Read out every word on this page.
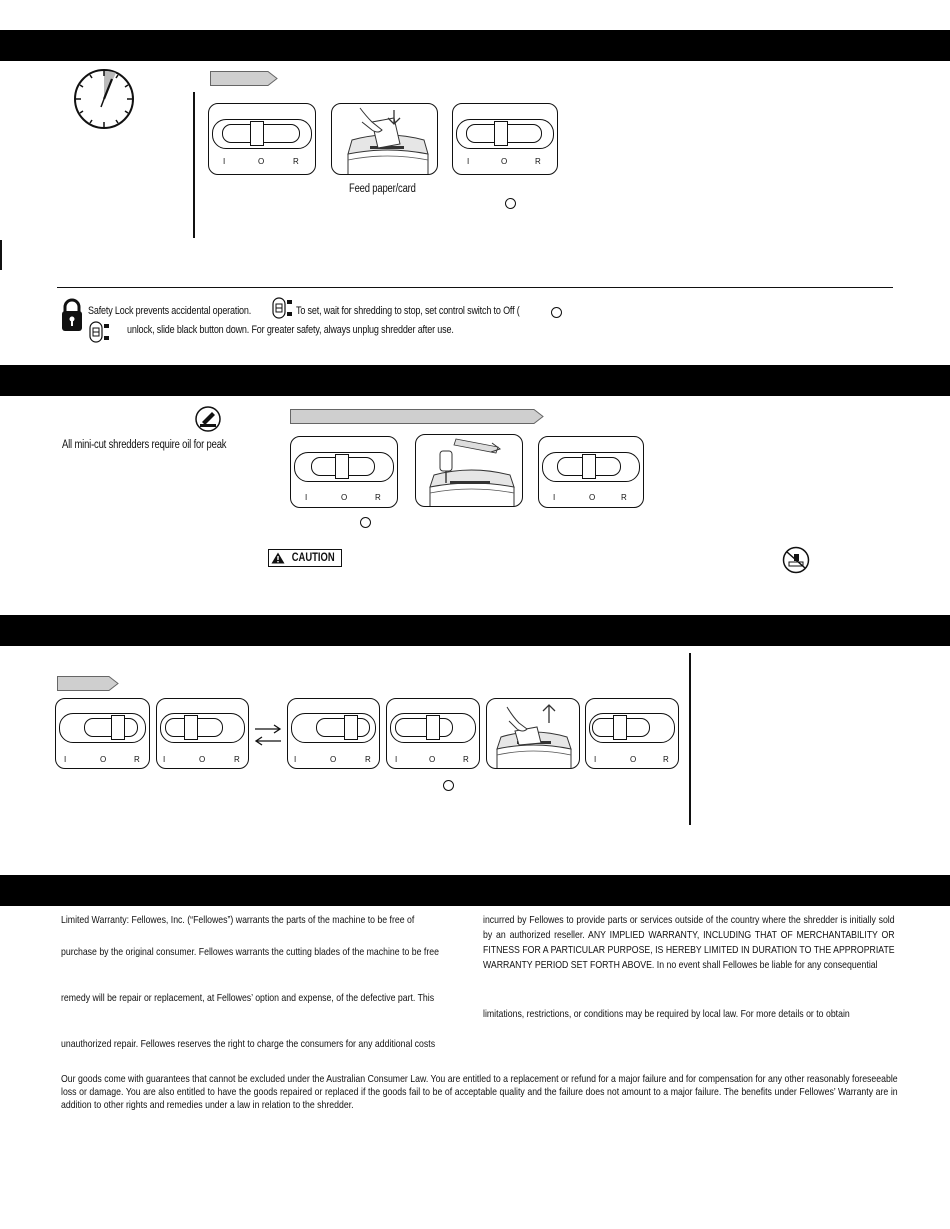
I	O	R	I	O	R
Feed paper/card
Safety Lock prevents accidental operation.	To set, wait for shredding to stop, set control switch to Off (
unlock, slide black button down. For greater safety, always unplug shredder after use.
All mini-cut shredders require oil for peak
I	O	R	I	O	R
CAUTION
I	O	R	I	O	R	I	O	R	I	O	R	I	O	R
Limited Warranty: Fellowes, Inc. (“Fellowes”) warrants the parts of the machine to be free of
purchase by the original consumer. Fellowes warrants the cutting blades of the machine to be free
remedy will be repair or replacement, at Fellowes’ option and expense, of the defective part. This
unauthorized repair. Fellowes reserves the right to charge the consumers for any additional costs
incurred by Fellowes to provide parts or services outside of the country where the shredder is initially sold by an authorized reseller. ANY IMPLIED WARRANTY, INCLUDING THAT OF MERCHANTABILITY OR FITNESS FOR A PARTICULAR PURPOSE, IS HEREBY LIMITED IN DURATION TO THE APPROPRIATE WARRANTY PERIOD SET FORTH ABOVE. In no event shall Fellowes be liable for any consequential
limitations, restrictions, or conditions may be required by local law. For more details or to obtain
Our goods come with guarantees that cannot be excluded under the Australian Consumer Law. You are entitled to a replacement or refund for a major failure and for compensation for any other reasonably foreseeable loss or damage. You are also entitled to have the goods repaired or replaced if the goods fail to be of acceptable quality and the failure does not amount to a major failure. The benefits under Fellowes’ Warranty are in addition to other rights and remedies under a law in relation to the shredder.
